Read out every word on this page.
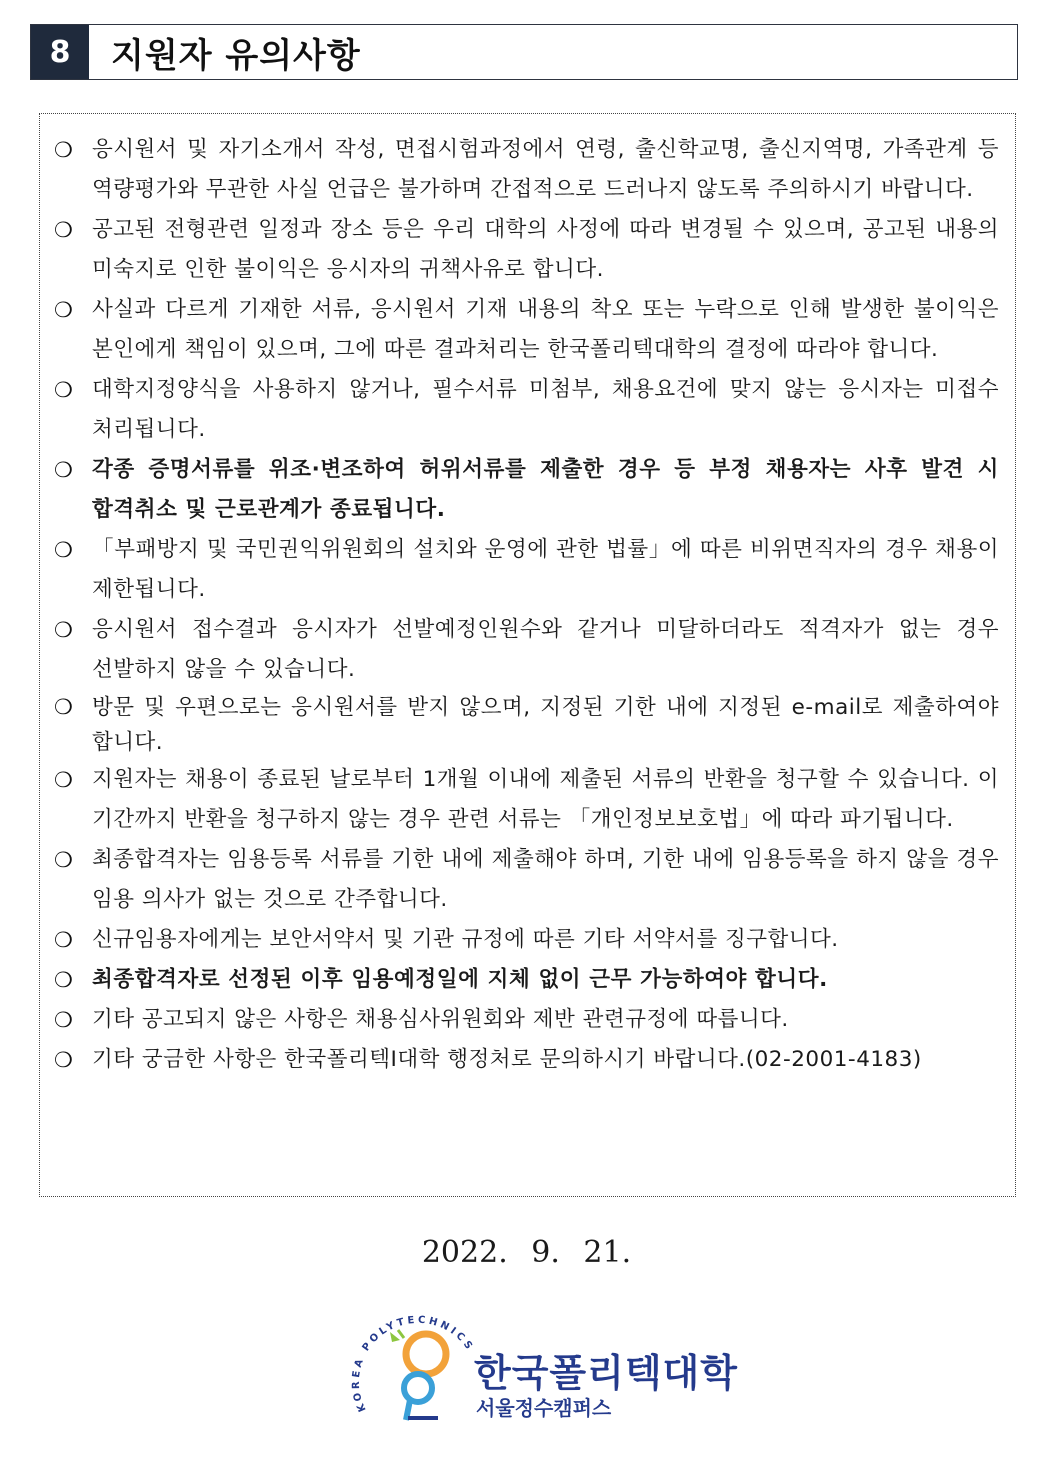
8	지원자 유의사항
❍ 응시원서 및 자기소개서 작성, 면접시험과정에서 연령, 출신학교명, 출신지역명, 가족관계 등 역량평가와 무관한 사실 언급은 불가하며 간접적으로 드러나지 않도록 주의하시기 바랍니다.
❍ 공고된 전형관련 일정과 장소 등은 우리 대학의 사정에 따라 변경될 수 있으며, 공고된 내용의 미숙지로 인한 불이익은 응시자의 귀책사유로 합니다.
❍ 사실과 다르게 기재한 서류, 응시원서 기재 내용의 착오 또는 누락으로 인해 발생한 불이익은 본인에게 책임이 있으며, 그에 따른 결과처리는 한국폴리텍대학의 결정에 따라야 합니다.
❍ 대학지정양식을 사용하지 않거나, 필수서류 미첨부, 채용요건에 맞지 않는 응시자는 미접수 처리됩니다.
❍ 각종 증명서류를 위조·변조하여 허위서류를 제출한 경우 등 부정 채용자는 사후 발견 시 합격취소 및 근로관계가 종료됩니다.
❍ 「부패방지 및 국민권익위원회의 설치와 운영에 관한 법률」에 따른 비위면직자의 경우 채용이 제한됩니다.
❍ 응시원서 접수결과 응시자가 선발예정인원수와 같거나 미달하더라도 적격자가 없는 경우 선발하지 않을 수 있습니다.
❍ 방문 및 우편으로는 응시원서를 받지 않으며, 지정된 기한 내에 지정된 e-mail로 제출하여야 합니다.
❍ 지원자는 채용이 종료된 날로부터 1개월 이내에 제출된 서류의 반환을 청구할 수 있습니다. 이 기간까지 반환을 청구하지 않는 경우 관련 서류는 「개인정보보호법」에 따라 파기됩니다.
❍ 최종합격자는 임용등록 서류를 기한 내에 제출해야 하며, 기한 내에 임용등록을 하지 않을 경우 임용 의사가 없는 것으로 간주합니다.
❍ 신규임용자에게는 보안서약서 및 기관 규정에 따른 기타 서약서를 징구합니다.
❍ 최종합격자로 선정된 이후 임용예정일에 지체 없이 근무 가능하여야 합니다.
❍ 기타 공고되지 않은 사항은 채용심사위원회와 제반 관련규정에 따릅니다.
❍ 기타 궁금한 사항은 한국폴리텍Ⅰ대학 행정처로 문의하시기 바랍니다.(02-2001-4183)
2022. 9. 21.
KOREA POLYTECHNICS
한국폴리텍대학
서울정수캠퍼스
